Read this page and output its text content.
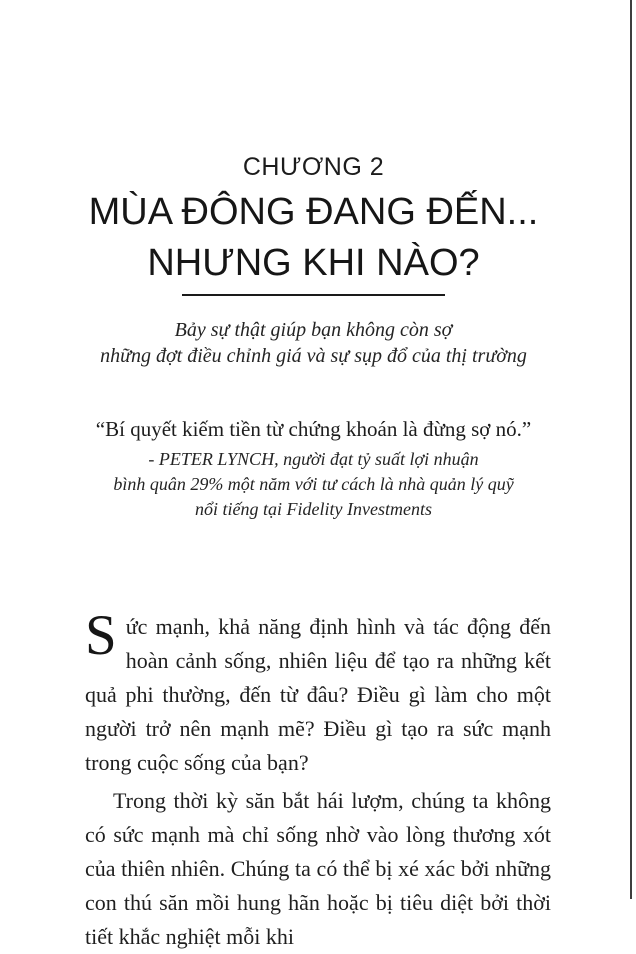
CHƯƠNG 2
MÙA ĐÔNG ĐANG ĐẾN...
NHƯNG KHI NÀO?
Bảy sự thật giúp bạn không còn sợ
những đợt điều chỉnh giá và sự sụp đổ của thị trường
“Bí quyết kiếm tiền từ chứng khoán là đừng sợ nó.”
- PETER LYNCH, người đạt tỷ suất lợi nhuận
bình quân 29% một năm với tư cách là nhà quản lý quỹ
nổi tiếng tại Fidelity Investments

Sức mạnh, khả năng định hình và tác động đến hoàn cảnh sống, nhiên liệu để tạo ra những kết quả phi thường, đến từ đâu? Điều gì làm cho một người trở nên mạnh mẽ? Điều gì tạo ra sức mạnh trong cuộc sống của bạn?

Trong thời kỳ săn bắt hái lượm, chúng ta không có sức mạnh mà chỉ sống nhờ vào lòng thương xót của thiên nhiên. Chúng ta có thể bị xé xác bởi những con thú săn mồi hung hãn hoặc bị tiêu diệt bởi thời tiết khắc nghiệt mỗi khi
